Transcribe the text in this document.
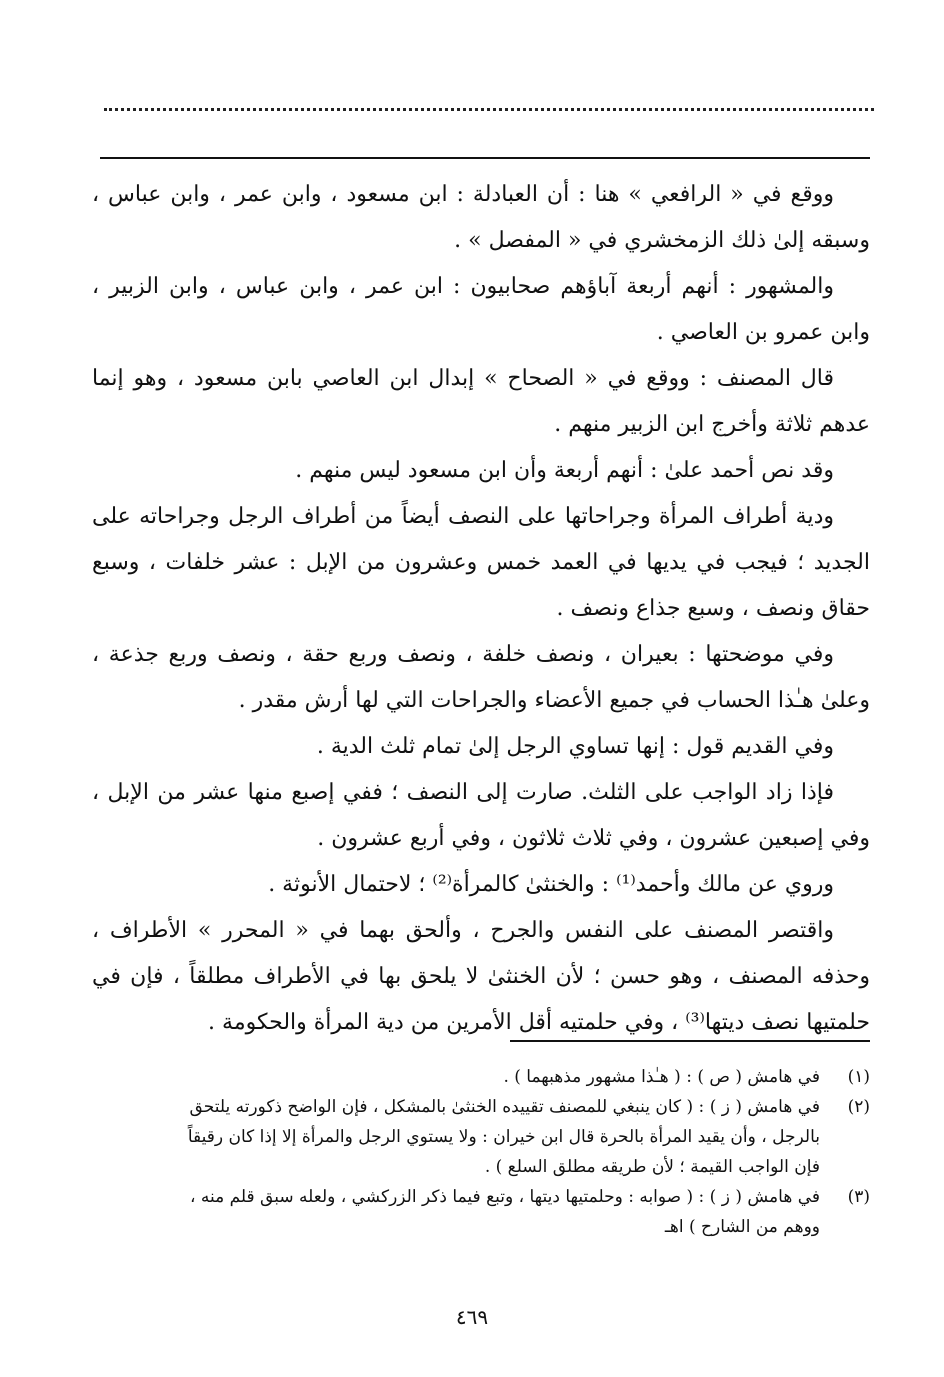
ووقع في « الرافعي » هنا : أن العبادلة : ابن مسعود ، وابن عمر ، وابن عباس ، وسبقه إلىٰ ذلك الزمخشري في « المفصل » .

والمشهور : أنهم أربعة آباؤهم صحابيون : ابن عمر ، وابن عباس ، وابن الزبير ، وابن عمرو بن العاصي .

قال المصنف : ووقع في « الصحاح » إبدال ابن العاصي بابن مسعود ، وهو إنما عدهم ثلاثة وأخرج ابن الزبير منهم .

وقد نص أحمد علىٰ : أنهم أربعة وأن ابن مسعود ليس منهم .

ودية أطراف المرأة وجراحاتها على النصف أيضاً من أطراف الرجل وجراحاته على الجديد ؛ فيجب في يديها في العمد خمس وعشرون من الإبل : عشر خلفات ، وسبع حقاق ونصف ، وسبع جذاع ونصف .

وفي موضحتها : بعيران ، ونصف خلفة ، ونصف وربع حقة ، ونصف وربع جذعة ، وعلىٰ هـٰذا الحساب في جميع الأعضاء والجراحات التي لها أرش مقدر .

وفي القديم قول : إنها تساوي الرجل إلىٰ تمام ثلث الدية .

فإذا زاد الواجب على الثلث. صارت إلى النصف ؛ ففي إصبع منها عشر من الإبل ، وفي إصبعين عشرون ، وفي ثلاث ثلاثون ، وفي أربع عشرون .

وروي عن مالك وأحمد⁽¹⁾ : والخنثىٰ كالمرأة⁽²⁾ ؛ لاحتمال الأنوثة .

واقتصر المصنف على النفس والجرح ، وألحق بهما في « المحرر » الأطراف ، وحذفه المصنف ، وهو حسن ؛ لأن الخنثىٰ لا يلحق بها في الأطراف مطلقاً ، فإن في حلمتيها نصف ديتها⁽³⁾ ، وفي حلمتيه أقل الأمرين من دية المرأة والحكومة .

(١)
في هامش ( ص ) : ( هـٰذا مشهور مذهبهما ) .
(٢)
في هامش ( ز ) : ( كان ينبغي للمصنف تقييده الخنثىٰ بالمشكل ، فإن الواضح ذكورته يلتحق
بالرجل ، وأن يقيد المرأة بالحرة قال ابن خيران : ولا يستوي الرجل والمرأة إلا إذا كان رقيقاً
فإن الواجب القيمة ؛ لأن طريقه مطلق السلع ) .
(٣)
في هامش ( ز ) : ( صوابه : وحلمتيها ديتها ، وتبع فيما ذكر الزركشي ، ولعله سبق قلم منه ،
ووهم من الشارح ) اهـ
٤٦٩
